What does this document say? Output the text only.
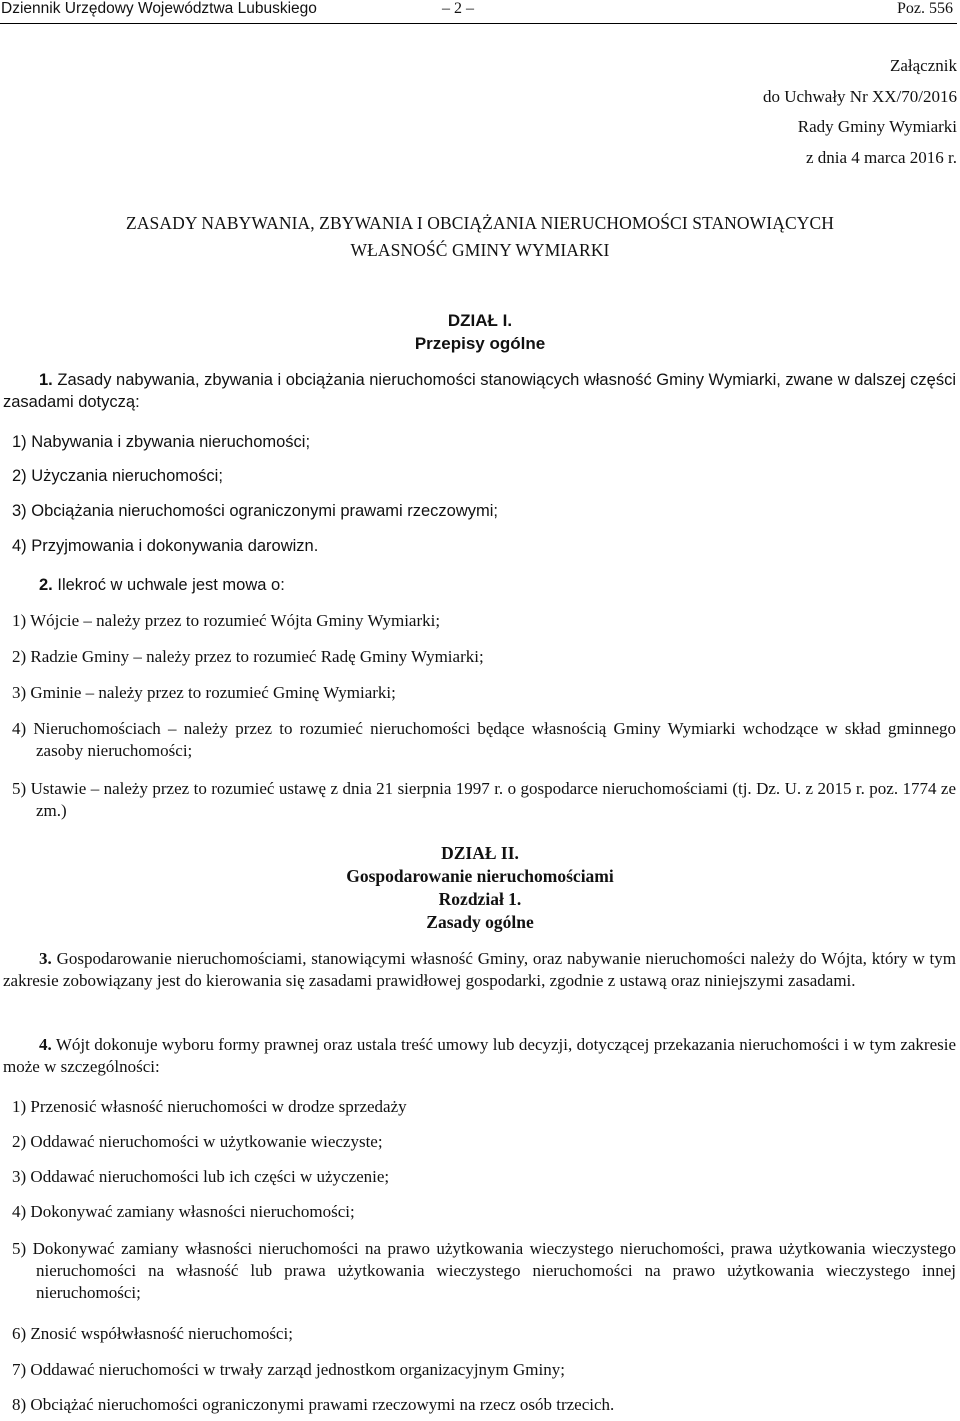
Dziennik Urzędowy Województwa Lubuskiego	– 2 –	Poz. 556
Załącznik
do Uchwały Nr XX/70/2016
Rady Gminy Wymiarki
z dnia 4 marca 2016 r.
ZASADY NABYWANIA, ZBYWANIA I OBCIĄŻANIA NIERUCHOMOŚCI STANOWIĄCYCH
WŁASNOŚĆ GMINY WYMIARKI
DZIAŁ I.
Przepisy ogólne
1. Zasady nabywania, zbywania i obciążania nieruchomości stanowiących własność Gminy Wymiarki, zwane w dalszej części zasadami dotyczą:
1) Nabywania i zbywania nieruchomości;
2) Użyczania nieruchomości;
3) Obciążania nieruchomości ograniczonymi prawami rzeczowymi;
4) Przyjmowania i dokonywania darowizn.
2. Ilekroć w uchwale jest mowa o:
1) Wójcie – należy przez to rozumieć Wójta Gminy Wymiarki;
2) Radzie Gminy – należy przez to rozumieć Radę Gminy Wymiarki;
3) Gminie – należy przez to rozumieć Gminę Wymiarki;
4) Nieruchomościach – należy przez to rozumieć nieruchomości będące własnością Gminy Wymiarki wchodzące w skład gminnego zasoby nieruchomości;
5) Ustawie – należy przez to rozumieć ustawę z dnia 21 sierpnia 1997 r. o gospodarce nieruchomościami (tj. Dz. U. z 2015 r. poz. 1774 ze zm.)
DZIAŁ II.
Gospodarowanie nieruchomościami
Rozdział 1.
Zasady ogólne
3. Gospodarowanie nieruchomościami, stanowiącymi własność Gminy, oraz nabywanie nieruchomości należy do Wójta, który w tym zakresie zobowiązany jest do kierowania się zasadami prawidłowej gospodarki, zgodnie z ustawą oraz niniejszymi zasadami.
4. Wójt dokonuje wyboru formy prawnej oraz ustala treść umowy lub decyzji, dotyczącej przekazania nieruchomości i w tym zakresie może w szczególności:
1) Przenosić własność nieruchomości w drodze sprzedaży
2) Oddawać nieruchomości w użytkowanie wieczyste;
3) Oddawać nieruchomości lub ich części w użyczenie;
4) Dokonywać zamiany własności nieruchomości;
5) Dokonywać zamiany własności nieruchomości na prawo użytkowania wieczystego nieruchomości, prawa użytkowania wieczystego nieruchomości na własność lub prawa użytkowania wieczystego nieruchomości na prawo użytkowania wieczystego innej nieruchomości;
6) Znosić współwłasność nieruchomości;
7) Oddawać nieruchomości w trwały zarząd jednostkom organizacyjnym Gminy;
8) Obciążać nieruchomości ograniczonymi prawami rzeczowymi na rzecz osób trzecich.
